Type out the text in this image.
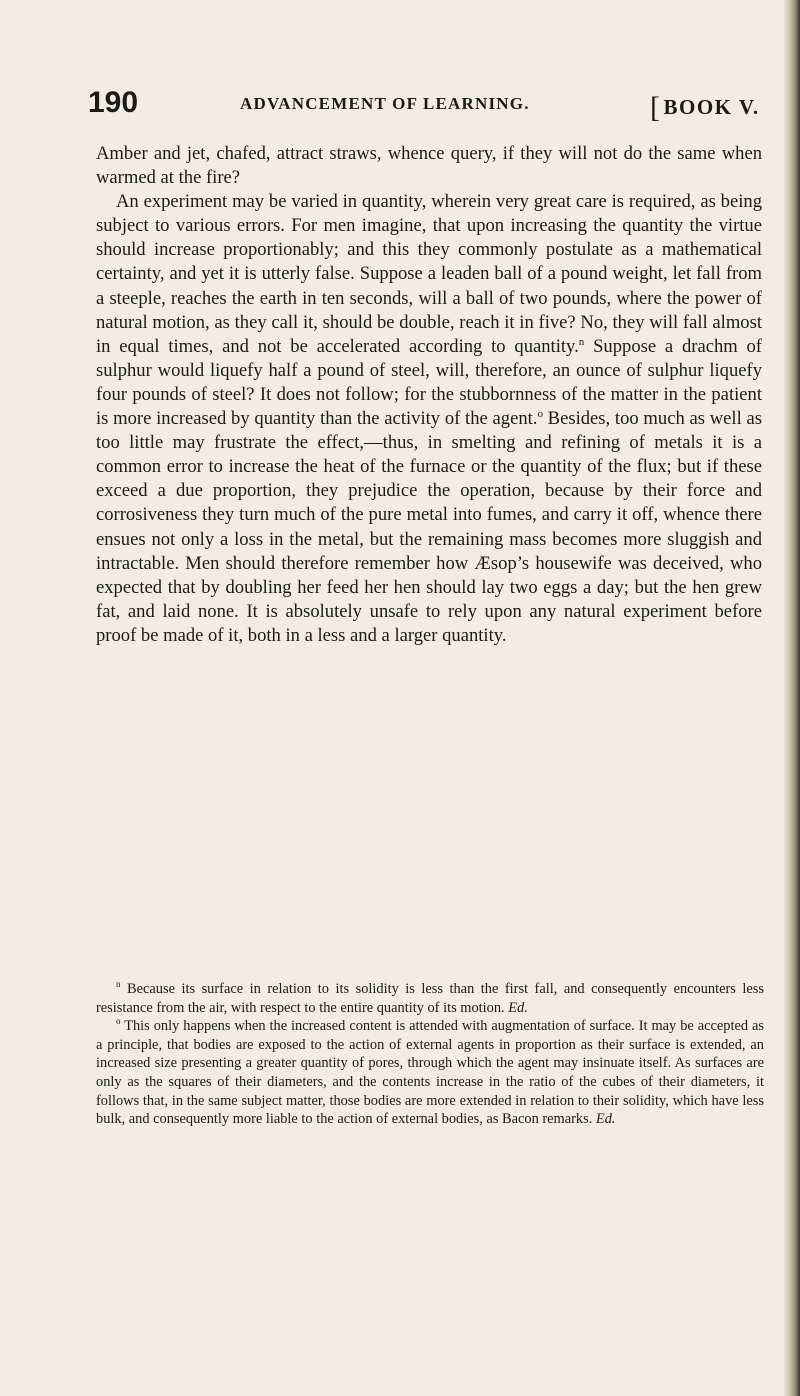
190	ADVANCEMENT OF LEARNING.	[BOOK V.

Amber and jet, chafed, attract straws, whence query, if they will not do the same when warmed at the fire?

An experiment may be varied in quantity, wherein very great care is required, as being subject to various errors. For men imagine, that upon increasing the quantity the virtue should increase proportionably; and this they commonly postulate as a mathematical certainty, and yet it is utterly false. Suppose a leaden ball of a pound weight, let fall from a steeple, reaches the earth in ten seconds, will a ball of two pounds, where the power of natural motion, as they call it, should be double, reach it in five? No, they will fall almost in equal times, and not be accelerated according to quantity.$^n$ Suppose a drachm of sulphur would liquefy half a pound of steel, will, therefore, an ounce of sulphur liquefy four pounds of steel? It does not follow; for the stubbornness of the matter in the patient is more increased by quantity than the activity of the agent.$^o$ Besides, too much as well as too little may frustrate the effect,—thus, in smelting and refining of metals it is a common error to increase the heat of the furnace or the quantity of the flux; but if these exceed a due proportion, they prejudice the operation, because by their force and corrosiveness they turn much of the pure metal into fumes, and carry it off, whence there ensues not only a loss in the metal, but the remaining mass becomes more sluggish and intractable. Men should therefore remember how Æsop’s housewife was deceived, who expected that by doubling her feed her hen should lay two eggs a day; but the hen grew fat, and laid none. It is absolutely unsafe to rely upon any natural experiment before proof be made of it, both in a less and a larger quantity.

$^n$ Because its surface in relation to its solidity is less than the first fall, and consequently encounters less resistance from the air, with respect to the entire quantity of its motion. Ed.

$^o$ This only happens when the increased content is attended with augmentation of surface. It may be accepted as a principle, that bodies are exposed to the action of external agents in proportion as their surface is extended, an increased size presenting a greater quantity of pores, through which the agent may insinuate itself. As surfaces are only as the squares of their diameters, and the contents increase in the ratio of the cubes of their diameters, it follows that, in the same subject matter, those bodies are more extended in relation to their solidity, which have less bulk, and consequently more liable to the action of external bodies, as Bacon remarks. Ed.
